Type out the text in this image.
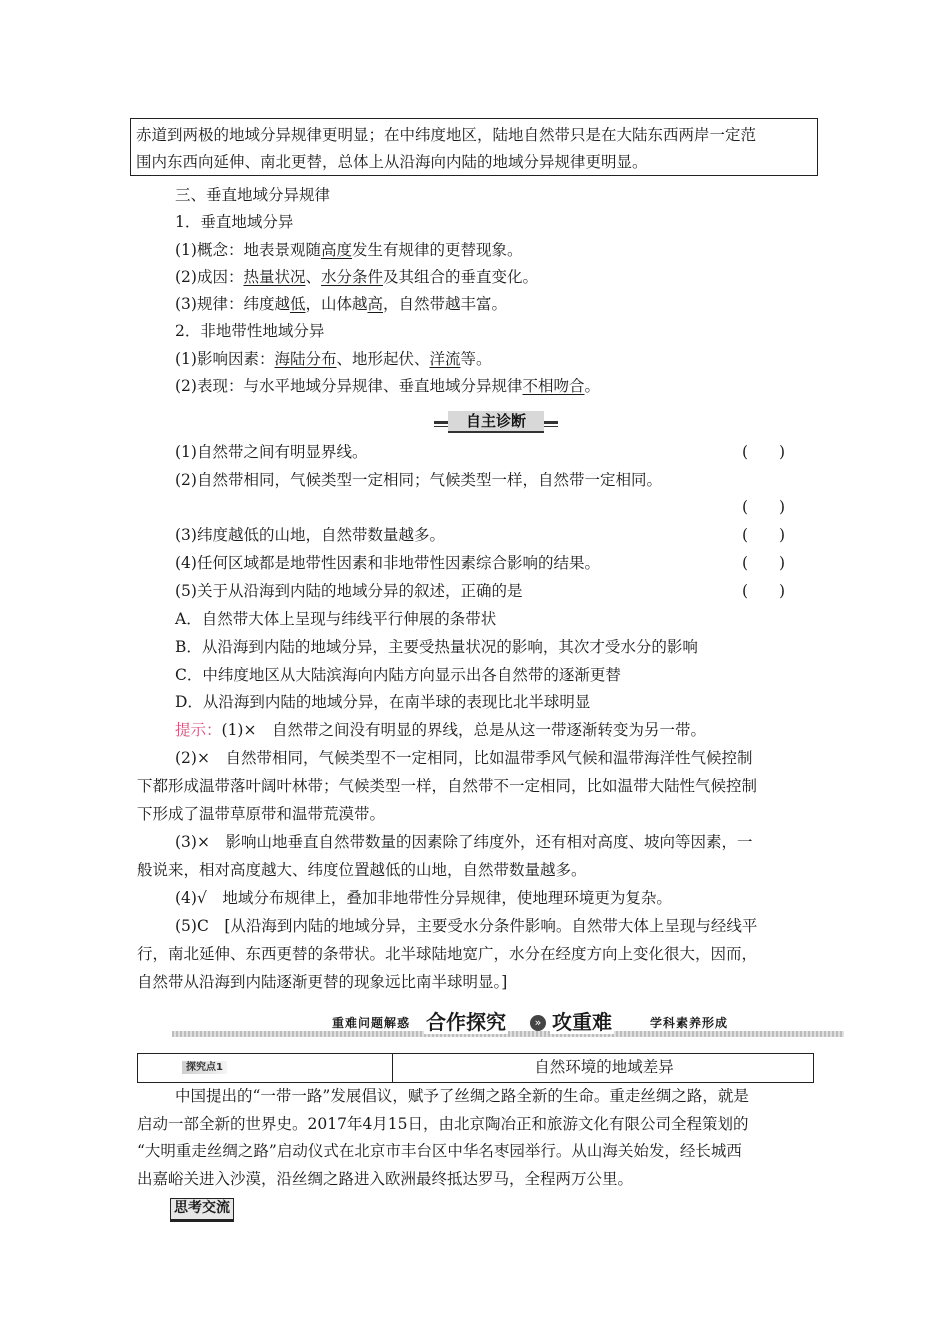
赤道到两极的地域分异规律更明显；在中纬度地区，陆地自然带只是在大陆东西两岸一定范
围内东西向延伸、南北更替，总体上从沿海向内陆的地域分异规律更明显。
三、垂直地域分异规律
1．垂直地域分异
(1)概念：地表景观随高度发生有规律的更替现象。
(2)成因：热量状况、水分条件及其组合的垂直变化。
(3)规律：纬度越低，山体越高，自然带越丰富。
2．非地带性地域分异
(1)影响因素：海陆分布、地形起伏、洋流等。
(2)表现：与水平地域分异规律、垂直地域分异规律不相吻合。
自主诊断
(1)自然带之间有明显界线。	(　　)
(2)自然带相同，气候类型一定相同；气候类型一样，自然带一定相同。
(　　)
(3)纬度越低的山地，自然带数量越多。	(　　)
(4)任何区域都是地带性因素和非地带性因素综合影响的结果。	(　　)
(5)关于从沿海到内陆的地域分异的叙述，正确的是	(　　)
A．自然带大体上呈现与纬线平行伸展的条带状
B．从沿海到内陆的地域分异，主要受热量状况的影响，其次才受水分的影响
C．中纬度地区从大陆滨海向内陆方向显示出各自然带的逐渐更替
D．从沿海到内陆的地域分异，在南半球的表现比北半球明显
提示：(1)×　自然带之间没有明显的界线，总是从这一带逐渐转变为另一带。
(2)×　自然带相同，气候类型不一定相同，比如温带季风气候和温带海洋性气候控制
下都形成温带落叶阔叶林带；气候类型一样，自然带不一定相同，比如温带大陆性气候控制
下形成了温带草原带和温带荒漠带。
(3)×　影响山地垂直自然带数量的因素除了纬度外，还有相对高度、坡向等因素，一
般说来，相对高度越大、纬度位置越低的山地，自然带数量越多。
(4)√　地域分布规律上，叠加非地带性分异规律，使地理环境更为复杂。
(5)C　[从沿海到内陆的地域分异，主要受水分条件影响。自然带大体上呈现与经线平
行，南北延伸、东西更替的条带状。北半球陆地宽广，水分在经度方向上变化很大，因而，
自然带从沿海到内陆逐渐更替的现象远比南半球明显。]
重难问题解惑 合作探究	» 攻重难	学科素养形成
探究点1	自然环境的地域差异
中国提出的“一带一路”发展倡议，赋予了丝绸之路全新的生命。重走丝绸之路，就是
启动一部全新的世界史。2017年4月15日，由北京陶冶正和旅游文化有限公司全程策划的
“大明重走丝绸之路”启动仪式在北京市丰台区中华名枣园举行。从山海关始发，经长城西
出嘉峪关进入沙漠，沿丝绸之路进入欧洲最终抵达罗马，全程两万公里。
思考交流
